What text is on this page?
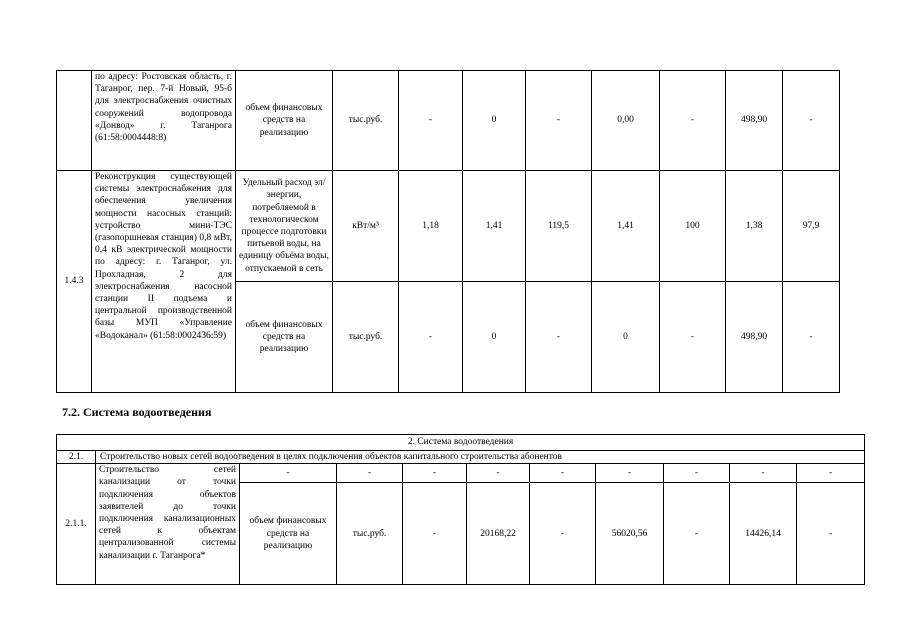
	по адресу: Ростовская область, г. Таганрог, пер. 7-й Новый, 95-б для электроснабжения очистных сооружений водопровода «Донвод» г. Таганрога (61:58:0004448:8)	объем финансовых средств на реализацию	тыс.руб.	-	0	-	0,00	-	498,90	-
1.4.3	Реконструкция существующей системы электроснабжения для обеспечения увеличения мощности насосных станций: устройство мини-ТЭС (газопоршневая станция) 0,8 мВт, 0,4 кВ электрической мощности по адресу: г. Таганрог, ул. Прохладная, 2 для электроснабжения насосной станции II подъема и центральной производственной базы МУП «Управление «Водоканал» (61:58:0002436:59)	Удельный расход эл/энергии, потребляемой в технологическом процессе подготовки питьевой воды, на единицу объёма воды, отпускаемой в сеть	кВт/м³	1,18	1,41	119,5	1,41	100	1,38	97,9
		объем финансовых средств на реализацию	тыс.руб.	-	0	-	0	-	498,90	-
7.2. Система водоотведения
2. Система водоотведения										
2.1.	Строительство новых сетей водоотведения в целях подключения объектов капитального строительства абонентов									
2.1.1.	Строительство сетей канализации от точки подключения объектов заявителей до точки подключения канализационных сетей к объектам централизованной системы канализации г. Таганрога*	-	-	-	-	-	-	-	-	-
		объем финансовых средств на реализацию	тыс.руб.	-	20168,22	-	56020,56	-	14426,14	-
